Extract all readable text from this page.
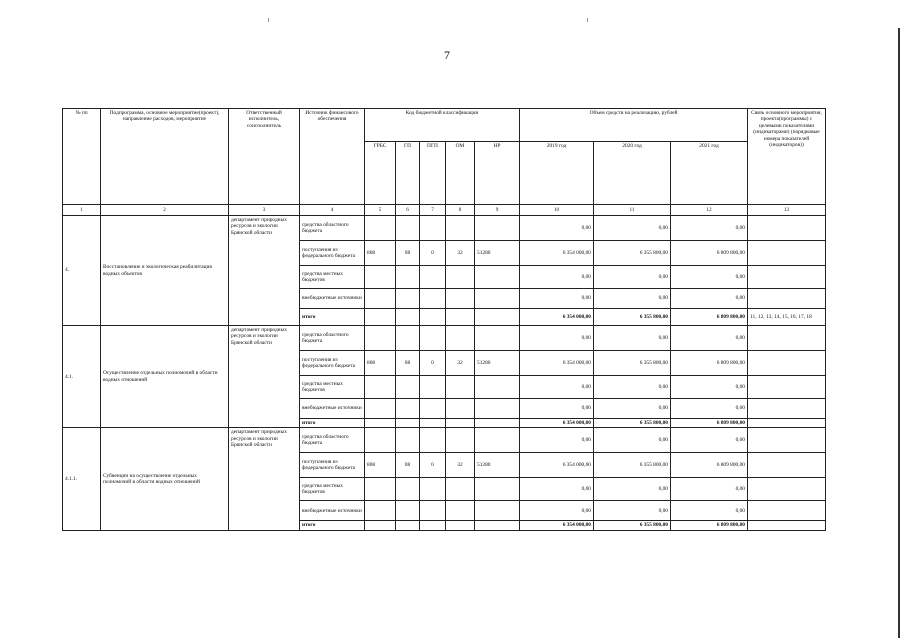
7
№ пп	Подпрограмма, основное мероприятие(проект), направление расходов, мероприятие	Ответственный исполнитель, соисполнитель	Источник финансового обеспечения	Код бюджетной классификации					Объем средств на реализацию, рублей			Связь основного мероприятия, проекта(программы) с целевыми показателями (индикаторами) (порядковые номера показателей (индикаторов))
				ГРБС	ГП	ПГП	ОМ	НР	2019 год	2020 год	2021 год	
1	2	3	4	5	6	7	8	9	10	11	12	13
4.	Восстановление и экологическая реабилитация водных объектов	департамент природных ресурсов и экологии Брянской области	средства областного бюджета						0,00	0,00	0,00	
			поступления из федерального бюджета	808	08	0	32	51280	6 354 000,00	6 355 800,00	6 809 800,00	
			средства местных бюджетов						0,00	0,00	0,00	
			внебюджетные источники						0,00	0,00	0,00	
			итого						6 354 000,00	6 355 800,00	6 809 800,00	11, 12, 13, 14, 15, 16, 17, 18
4.1.	Осуществление отдельных полномочий в области водных отношений	департамент природных ресурсов и экологии Брянской области	средства областного бюджета						0,00	0,00	0,00	
			поступления из федерального бюджета	808	08	0	32	51280	6 354 000,00	6 355 800,00	6 809 800,00	
			средства местных бюджетов						0,00	0,00	0,00	
			внебюджетные источники						0,00	0,00	0,00	
			итого						6 354 000,00	6 355 800,00	6 809 800,00	
4.1.1.	Субвенции на осуществление отдельных полномочий в области водных отношений	департамент природных ресурсов и экологии Брянской области	средства областного бюджета						0,00	0,00	0,00	
			поступления из федерального бюджета	808	08	0	32	51280	6 354 000,00	6 355 800,00	6 809 800,00	
			средства местных бюджетов						0,00	0,00	0,00	
			внебюджетные источники						0,00	0,00	0,00	
			итого						6 354 000,00	6 355 800,00	6 809 800,00	
